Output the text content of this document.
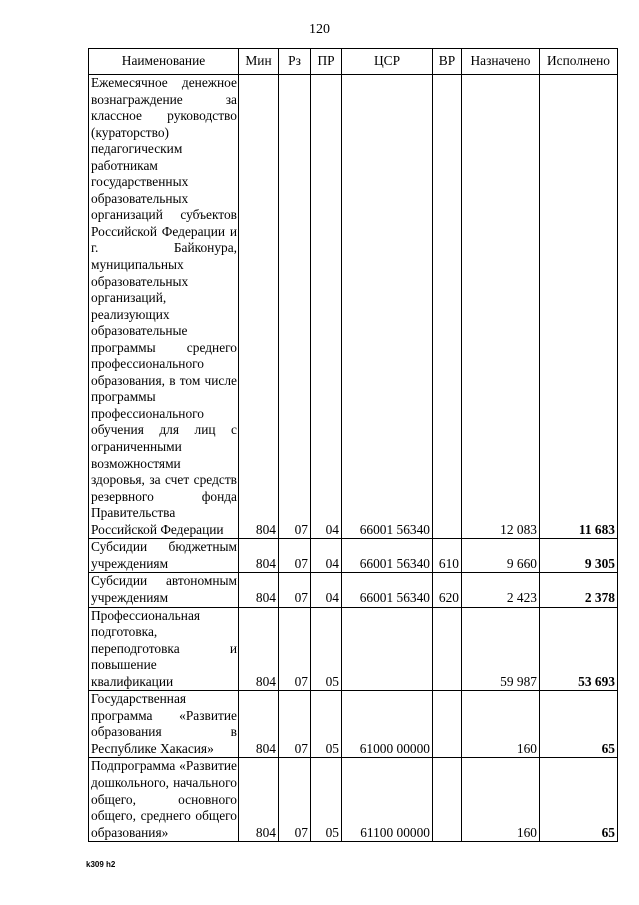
120
Наименование	Мин	Рз	ПР	ЦСР	ВР	Назначено	Исполнено
Ежемесячное денежное вознаграждение за классное руководство (кураторство) педагогическим работникам государственных образовательных организаций субъектов Российской Федерации и г. Байконура, муниципальных образовательных организаций, реализующих образовательные программы среднего профессионального образования, в том числе программы профессионального обучения для лиц с ограниченными возможностями здоровья, за счет средств резервного фонда Правительства Российской Федерации	804	07	04	66001 56340		12 083	11 683
Субсидии бюджетным учреждениям	804	07	04	66001 56340	610	9 660	9 305
Субсидии автономным учреждениям	804	07	04	66001 56340	620	2 423	2 378
Профессиональная подготовка, переподготовка и повышение квалификации	804	07	05			59 987	53 693
Государственная программа «Развитие образования в Республике Хакасия»	804	07	05	61000 00000		160	65
Подпрограмма «Развитие дошкольного, начального общего, основного общего, среднего общего образования»	804	07	05	61100 00000		160	65
k309 h2
